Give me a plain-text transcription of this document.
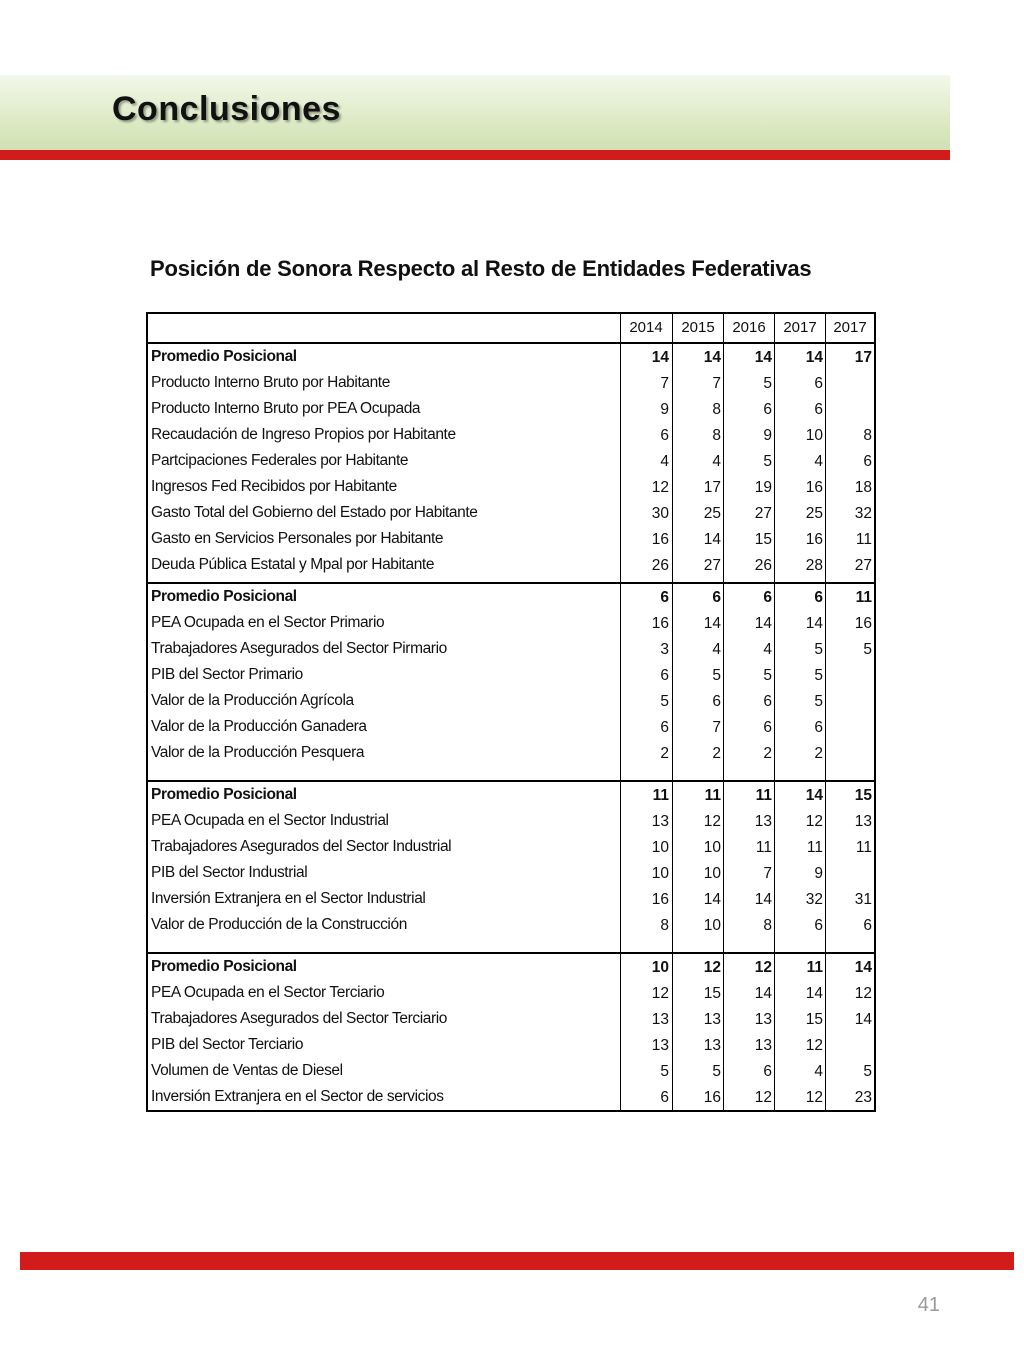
Conclusiones
Posición de Sonora Respecto al Resto de Entidades Federativas
2014	2015	2016	2017	2017
Promedio Posicional	14	14	14	14	17
Producto Interno Bruto por Habitante	7	7	5	6
Producto Interno Bruto por PEA Ocupada	9	8	6	6
Recaudación de Ingreso Propios por Habitante	6	8	9	10	8
Partcipaciones Federales por Habitante	4	4	5	4	6
Ingresos Fed Recibidos por Habitante	12	17	19	16	18
Gasto Total del Gobierno del Estado por Habitante	30	25	27	25	32
Gasto en Servicios Personales por Habitante	16	14	15	16	11
Deuda Pública Estatal y Mpal por Habitante	26	27	26	28	27
Promedio Posicional	6	6	6	6	11
PEA Ocupada en el Sector Primario	16	14	14	14	16
Trabajadores Asegurados del Sector Pirmario	3	4	4	5	5
PIB del Sector Primario	6	5	5	5
Valor de la Producción Agrícola	5	6	6	5
Valor de la Producción Ganadera	6	7	6	6
Valor de la Producción Pesquera	2	2	2	2
Promedio Posicional	11	11	11	14	15
PEA Ocupada en el Sector Industrial	13	12	13	12	13
Trabajadores Asegurados del Sector Industrial	10	10	11	11	11
PIB del Sector Industrial	10	10	7	9
Inversión Extranjera en el Sector Industrial	16	14	14	32	31
Valor de Producción de la Construcción	8	10	8	6	6
Promedio Posicional	10	12	12	11	14
PEA Ocupada en el Sector Terciario	12	15	14	14	12
Trabajadores Asegurados del Sector Terciario	13	13	13	15	14
PIB del Sector Terciario	13	13	13	12
Volumen de Ventas de Diesel	5	5	6	4	5
Inversión Extranjera en el Sector de servicios	6	16	12	12	23
41
